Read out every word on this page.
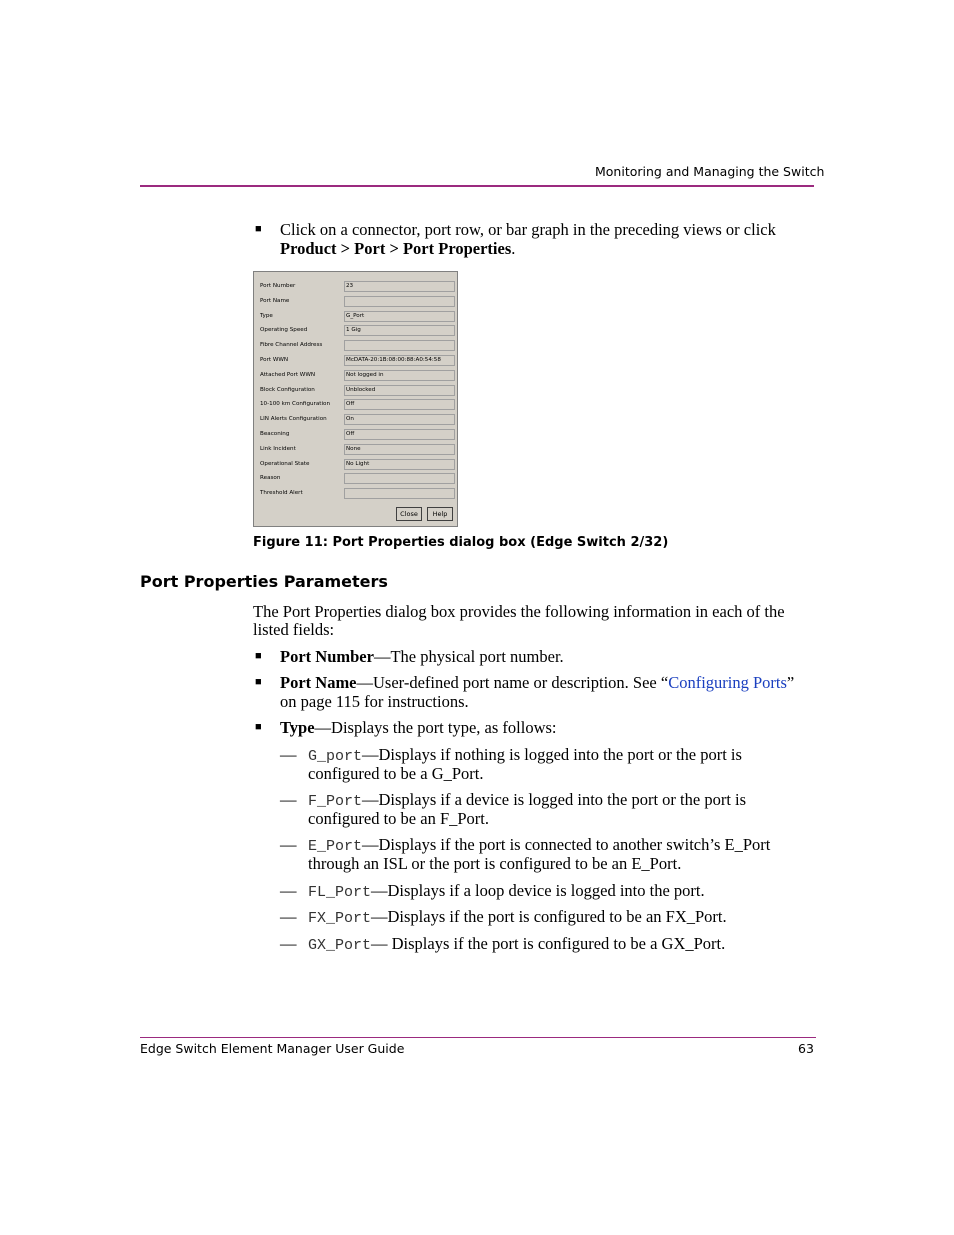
Monitoring and Managing the Switch
■ Click on a connector, port row, or bar graph in the preceding views or click
Product > Port > Port Properties.
Port Number	23
Port Name
Type	G_Port
Operating Speed	1 Gig
Fibre Channel Address
Port WWN	McDATA-20:1B:08:00:88:A0:54:58
Attached Port WWN	Not logged in
Block Configuration	Unblocked
10-100 km Configuration	Off
LIN Alerts Configuration	On
Beaconing	Off
Link Incident	None
Operational State	No Light
Reason
Threshold Alert
Close	Help
Figure 11: Port Properties dialog box (Edge Switch 2/32)
Port Properties Parameters
The Port Properties dialog box provides the following information in each of the
listed fields:
■ Port Number—The physical port number.
■ Port Name—User-defined port name or description. See “Configuring Ports”
on page 115 for instructions.
■ Type—Displays the port type, as follows:
— G_port—Displays if nothing is logged into the port or the port is
configured to be a G_Port.
— F_Port—Displays if a device is logged into the port or the port is
configured to be an F_Port.
— E_Port—Displays if the port is connected to another switch’s E_Port
through an ISL or the port is configured to be an E_Port.
— FL_Port—Displays if a loop device is logged into the port.
— FX_Port—Displays if the port is configured to be an FX_Port.
— GX_Port— Displays if the port is configured to be a GX_Port.
Edge Switch Element Manager User Guide	63
